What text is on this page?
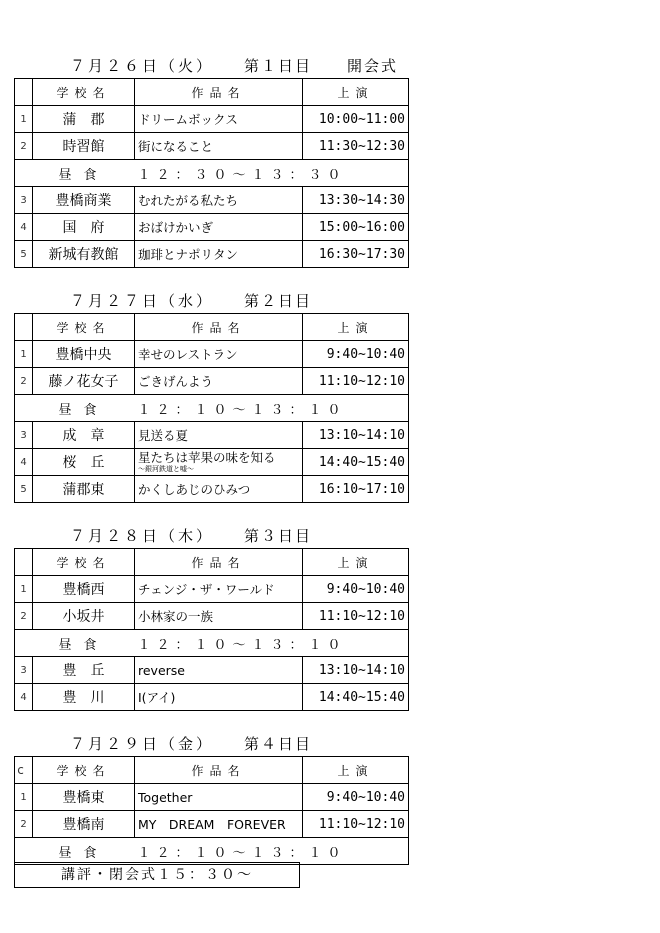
７月２６日（火） 第１日目 開会式
	学校名	作品名	上演
1	蒲　郡	ドリームボックス	10:00~11:00
2	時習館	街になること	11:30~12:30
	昼食	１２：３０～１３：３０	
3	豊橋商業	むれたがる私たち	13:30~14:30
4	国　府	おばけかいぎ	15:00~16:00
5	新城有教館	珈琲とナポリタン	16:30~17:30
７月２７日（水） 第２日目
	学校名	作品名	上演
1	豊橋中央	幸せのレストラン	9:40~10:40
2	藤ノ花女子	ごきげんよう	11:10~12:10
	昼食	１２：１０～１３：１０	
3	成　章	見送る夏	13:10~14:10
4	桜　丘	星たちは苹果の味を知る
～銀河鉄道と嘘～	14:40~15:40
5	蒲郡東	かくしあじのひみつ	16:10~17:10
７月２８日（木） 第３日目
	学校名	作品名	上演
1	豊橋西	チェンジ・ザ・ワールド	9:40~10:40
2	小坂井	小林家の一族	11:10~12:10
	昼食	１２：１０～１３：１０	
3	豊　丘	reverse	13:10~14:10
4	豊　川	I(アイ)	14:40~15:40
７月２９日（金） 第４日目
c	学校名	作品名	上演
1	豊橋東	Together	9:40~10:40
2	豊橋南	MY　DREAM　FOREVER	11:10~12:10
	昼食	１２：１０～１３：１０	
講評・閉会式１５：３０～
